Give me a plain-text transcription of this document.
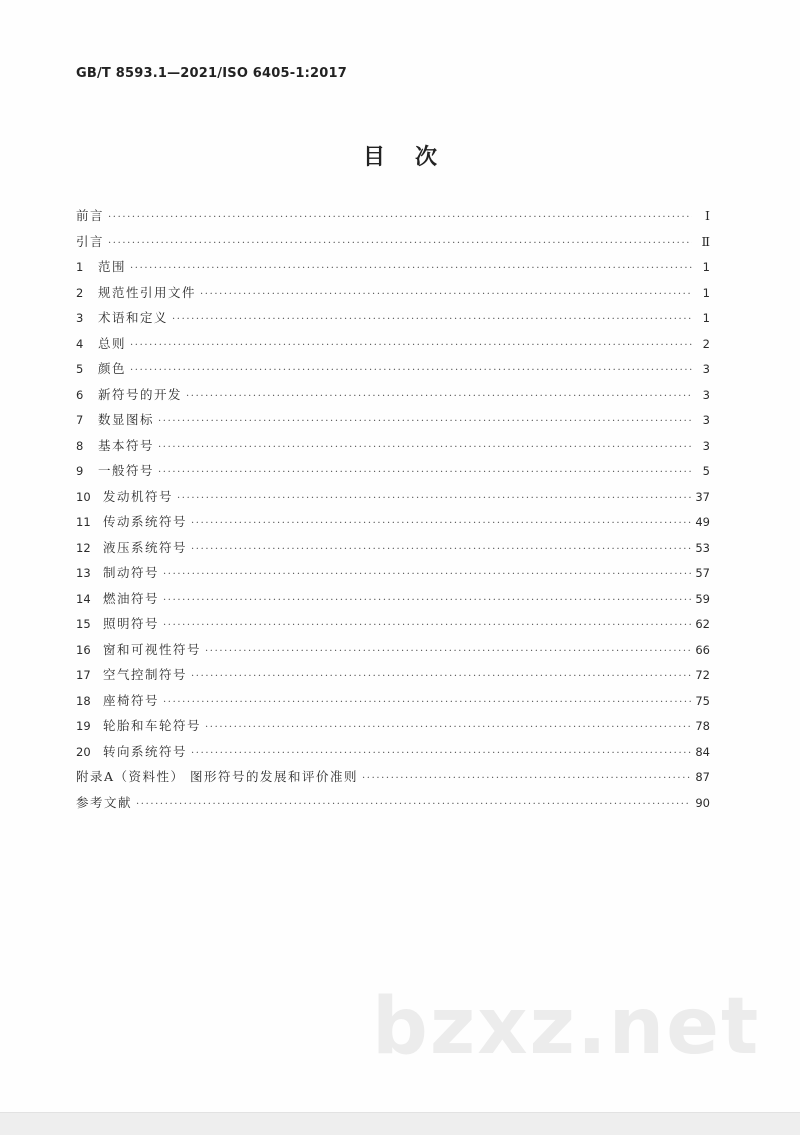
GB/T 8593.1—2021/ISO 6405-1:2017
目次
前言 ·····	Ⅰ
引言 ·····	Ⅱ
1	范围 ·····	1
2	规范性引用文件 ·····	1
3	术语和定义 ·····	1
4	总则 ·····	2
5	颜色 ·····	3
6	新符号的开发 ·····	3
7	数显图标 ·····	3
8	基本符号 ·····	3
9	一般符号 ·····	5
10 发动机符号 ·····	37
11 传动系统符号 ·····	49
12 液压系统符号 ·····	53
13 制动符号 ·····	57
14 燃油符号 ·····	59
15 照明符号 ·····	62
16 窗和可视性符号 ·····	66
17 空气控制符号 ·····	72
18 座椅符号 ·····	75
19 轮胎和车轮符号 ·····	78
20 转向系统符号 ·····	84
附录A（资料性） 图形符号的发展和评价准则 ·····	87
参考文献 ·····	90
bzxz.net
